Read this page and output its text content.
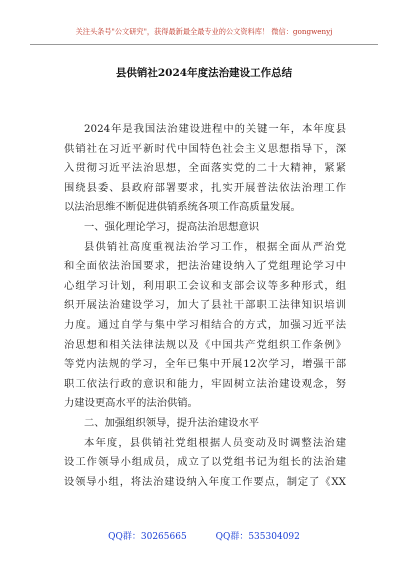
关注头条号"公文研究"，获得最新最全最专业的公文资料库！ 微信：gongwenyj
县供销社2024年度法治建设工作总结
2024年是我国法治建设进程中的关键一年，本年度县
供销社在习近平新时代中国特色社会主义思想指导下，深
入贯彻习近平法治思想，全面落实党的二十大精神，紧紧
围绕县委、县政府部署要求，扎实开展普法依法治理工作
以法治思维不断促进供销系统各项工作高质量发展。
一、强化理论学习，提高法治思想意识
县供销社高度重视法治学习工作，根据全面从严治党
和全面依法治国要求，把法治建设纳入了党组理论学习中
心组学习计划，利用职工会议和支部会议等多种形式，组
织开展法治建设学习，加大了县社干部职工法律知识培训
力度。通过自学与集中学习相结合的方式，加强习近平法
治思想和相关法律法规以及《中国共产党组织工作条例》
等党内法规的学习，全年已集中开展12次学习，增强干部
职工依法行政的意识和能力，牢固树立法治建设观念，努
力建设更高水平的法治供销。
二、加强组织领导，提升法治建设水平
本年度，县供销社党组根据人员变动及时调整法治建
设工作领导小组成员，成立了以党组书记为组长的法治建
设领导小组，将法治建设纳入年度工作要点，制定了《XX
QQ群：30265665	QQ群：535304092
